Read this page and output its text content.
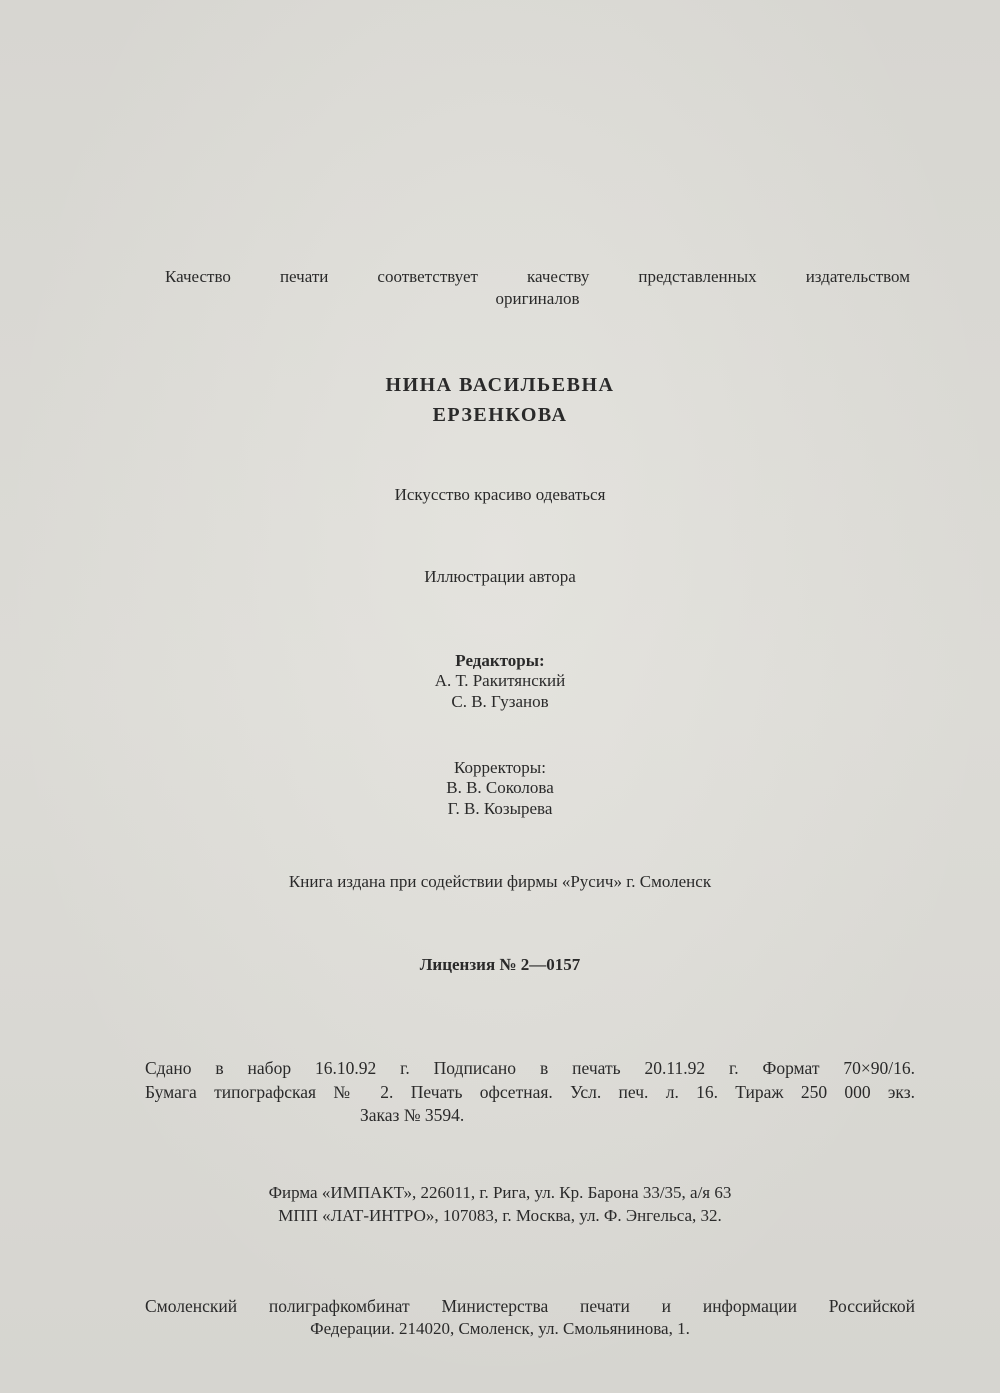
Качество печати соответствует качеству представленных издательством
оригиналов
НИНА ВАСИЛЬЕВНА
ЕРЗЕНКОВА
Искусство красиво одеваться
Иллюстрации автора
Редакторы:
А. Т. Ракитянский
С. В. Гузанов
Корректоры:
В. В. Соколова
Г. В. Козырева
Книга издана при содействии фирмы «Русич» г. Смоленск
Лицензия № 2—0157
Сдано в набор 16.10.92 г. Подписано в печать 20.11.92 г. Формат 70×90/16.
Бумага типографская № 2. Печать офсетная. Усл. печ. л. 16. Тираж 250 000 экз.
Заказ № 3594.
Фирма «ИМПАКТ», 226011, г. Рига, ул. Кр. Барона 33/35, а/я 63
МПП «ЛАТ-ИНТРО», 107083, г. Москва, ул. Ф. Энгельса, 32.
Смоленский полиграфкомбинат Министерства печати и информации Российской
Федерации. 214020, Смоленск, ул. Смольянинова, 1.
